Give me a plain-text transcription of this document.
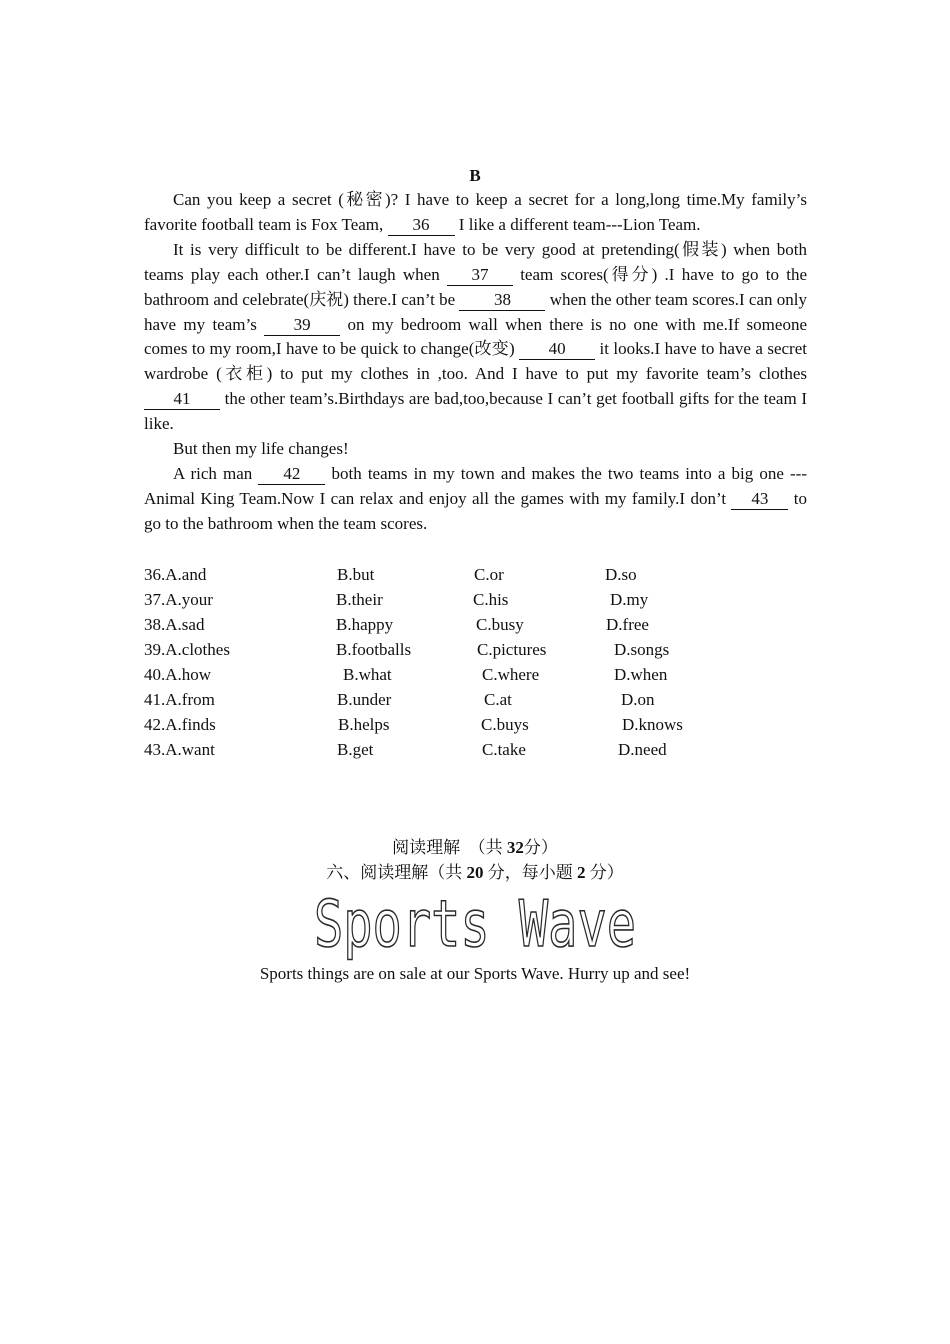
B

Can you keep a secret (秘密)? I have to keep a secret for a long,long time.My family’s favorite football team is Fox Team, 36 I like a different team---Lion Team.

It is very difficult to be different.I have to be very good at pretending(假装) when both teams play each other.I can’t laugh when 37 team scores(得分) .I have to go to the bathroom and celebrate(庆祝) there.I can’t be 38 when the other team scores.I can only have my team’s 39 on my bedroom wall when there is no one with me.If someone comes to my room,I have to be quick to change(改变) 40 it looks.I have to have a secret wardrobe (衣柜) to put my clothes in ,too. And I have to put my favorite team’s clothes 41 the other team’s.Birthdays are bad,too,because I can’t get football gifts for the team I like.

But then my life changes!

A rich man 42 both teams in my town and makes the two teams into a big one ---Animal King Team.Now I can relax and enjoy all the games with my family.I don’t 43 to go to the bathroom when the team scores.

36.A.and	B.but	C.or	D.so
37.A.your	B.their	C.his	D.my
38.A.sad	B.happy	C.busy	D.free
39.A.clothes	B.footballs	C.pictures	D.songs
40.A.how	B.what	C.where	D.when
41.A.from	B.under	C.at	D.on
42.A.finds	B.helps	C.buys	D.knows
43.A.want	B.get	C.take	D.need
阅读理解　（共 32分）
六、阅读理解（共 20 分，每小题 2 分）
Sports Wave
Sports things are on sale at our Sports Wave. Hurry up and see!
